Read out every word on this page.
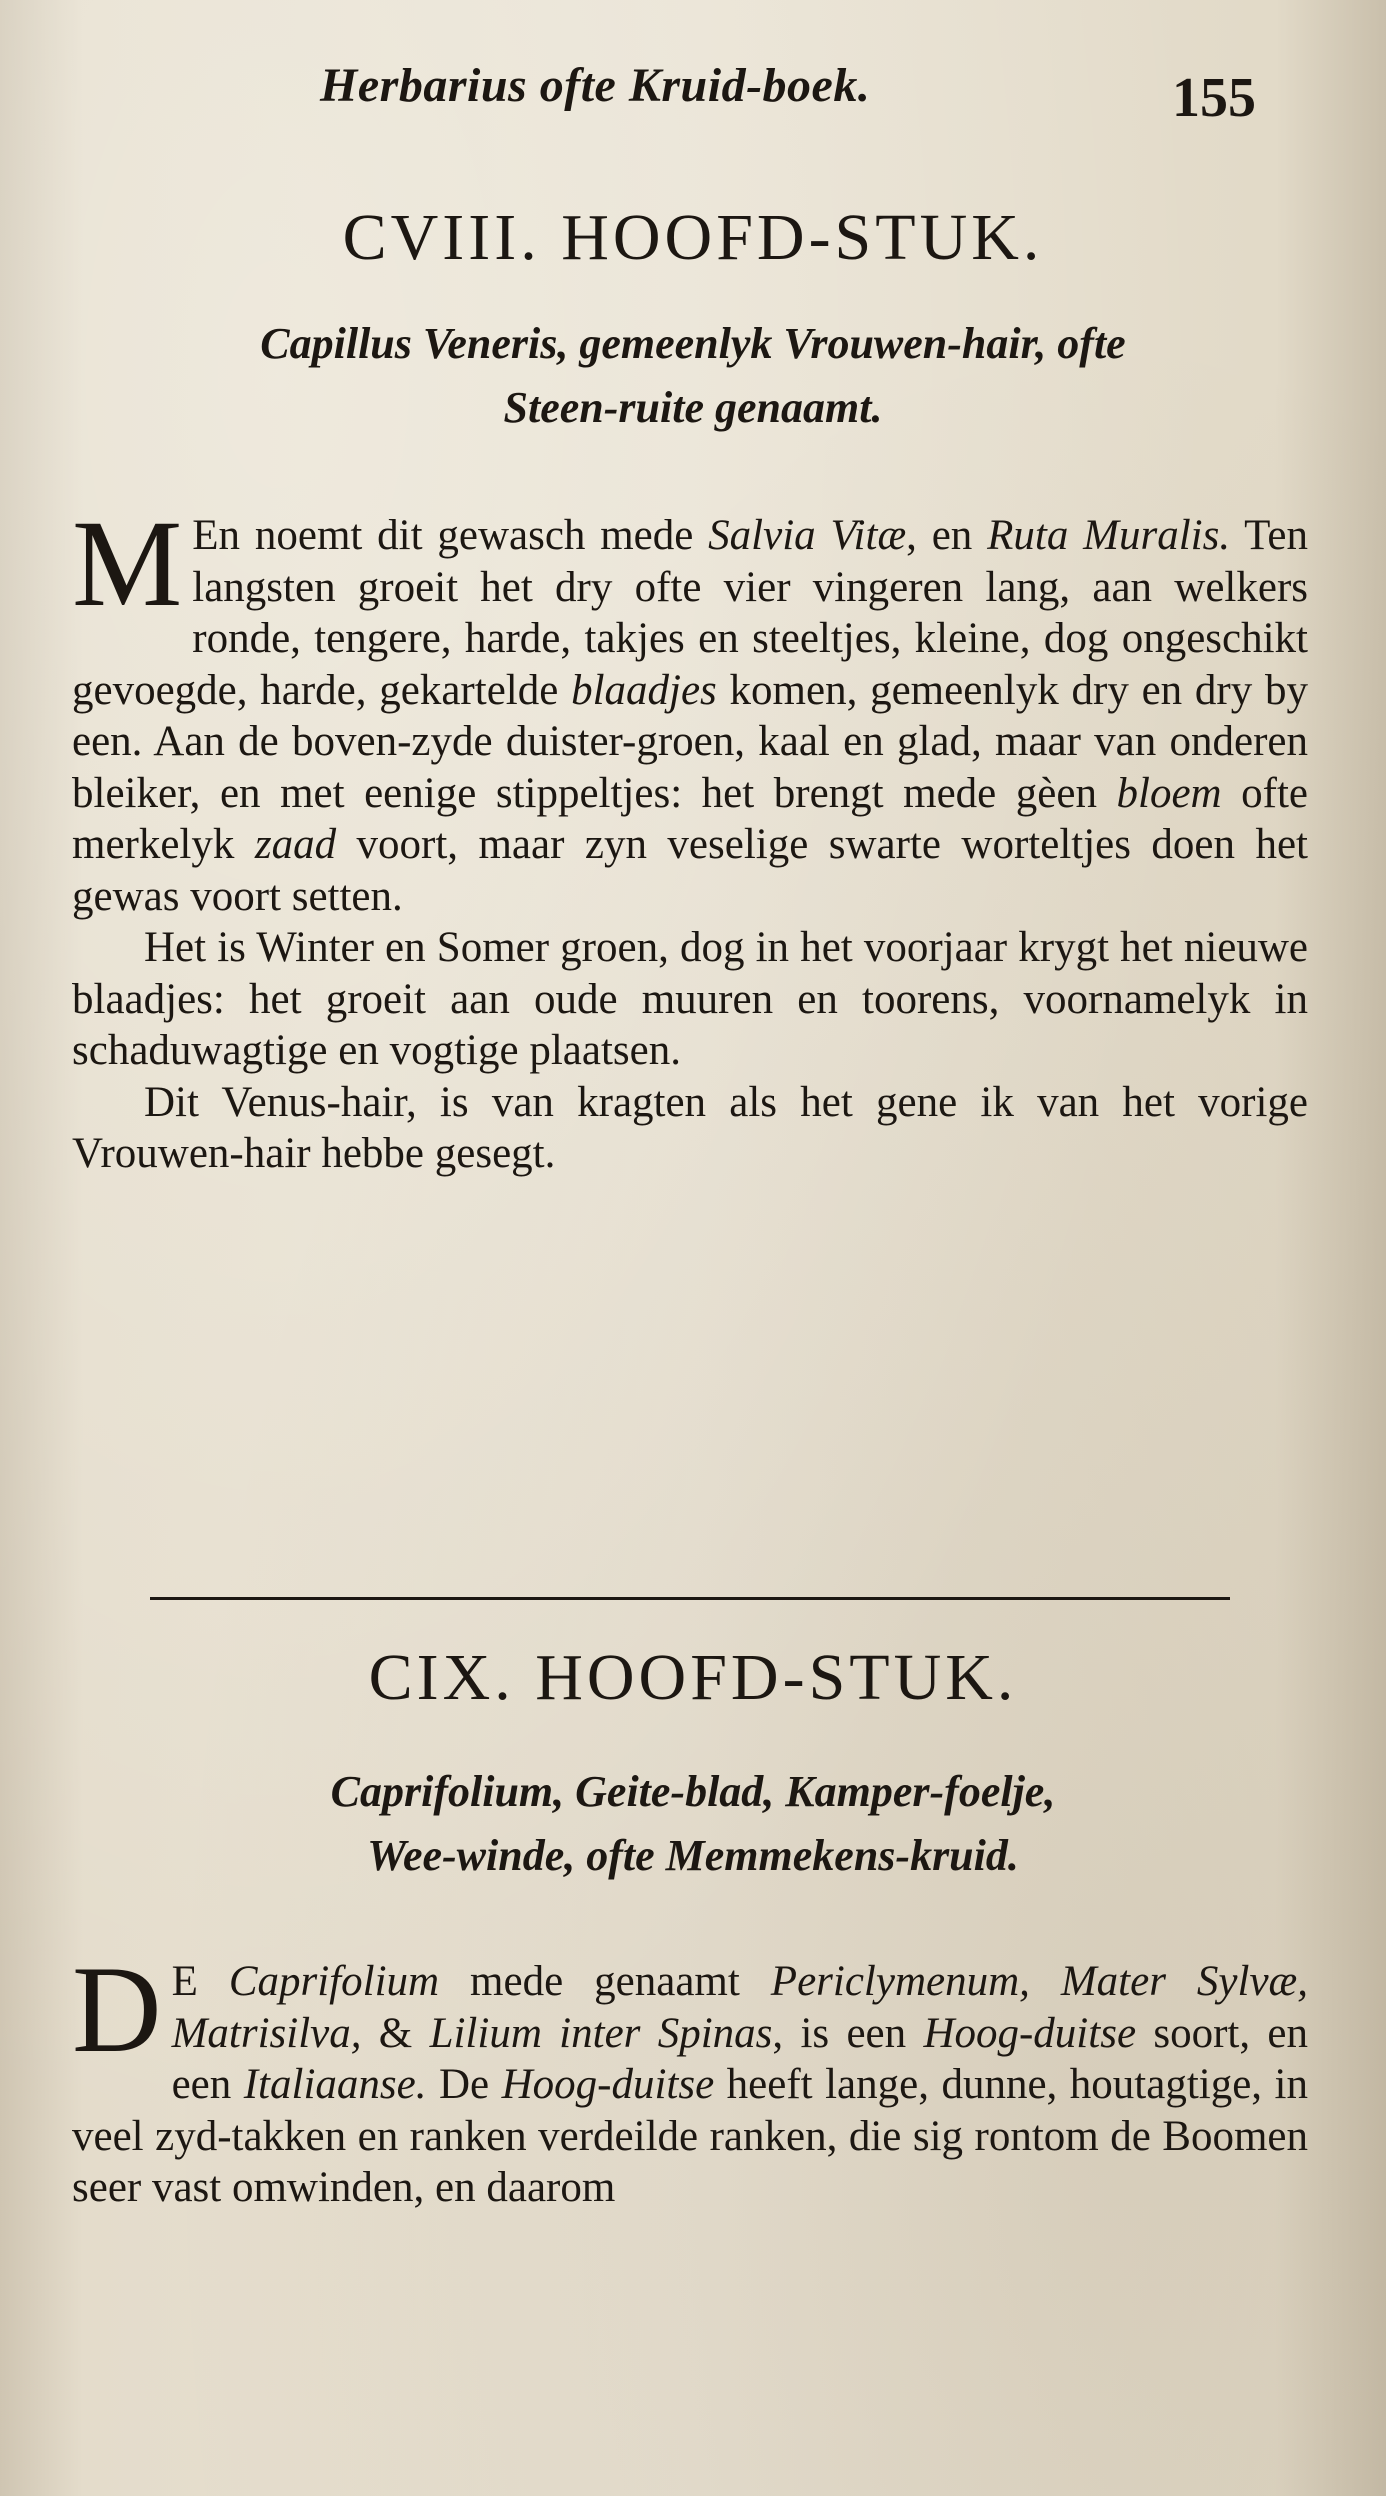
Herbarius ofte Kruid-boek.	155
CVIII. HOOFD-STUK.
Capillus Veneris, gemeenlyk Vrouwen-hair, ofte
Steen-ruite genaamt.

M En noemt dit gewasch mede Salvia Vitæ, en Ruta Muralis. Ten langsten groeit het dry ofte vier vingeren lang, aan welkers ronde, tengere, harde, takjes en steeltjes, kleine, dog ongeschikt gevoegde, harde, gekartelde blaadjes komen, gemeenlyk dry en dry by een. Aan de boven-zyde duister-groen, kaal en glad, maar van onderen bleiker, en met eenige stippeltjes: het brengt mede gèen bloem ofte merkelyk zaad voort, maar zyn veselige swarte worteltjes doen het gewas voort setten.

Het is Winter en Somer groen, dog in het voorjaar krygt het nieuwe blaadjes: het groeit aan oude muuren en toorens, voornamelyk in schaduwagtige en vogtige plaatsen.

Dit Venus-hair, is van kragten als het gene ik van het vorige Vrouwen-hair hebbe gesegt.

CIX. HOOFD-STUK.
Caprifolium, Geite-blad, Kamper-foelje,
Wee-winde, ofte Memmekens-kruid.

D E Caprifolium mede genaamt Periclymenum, Mater Sylvæ, Matrisilva, & Lilium inter Spinas, is een Hoog-duitse soort, en een Italiaanse. De Hoog-duitse heeft lange, dunne, houtagtige, in veel zyd-takken en ranken verdeilde ranken, die sig rontom de Boomen seer vast omwinden, en daarom
